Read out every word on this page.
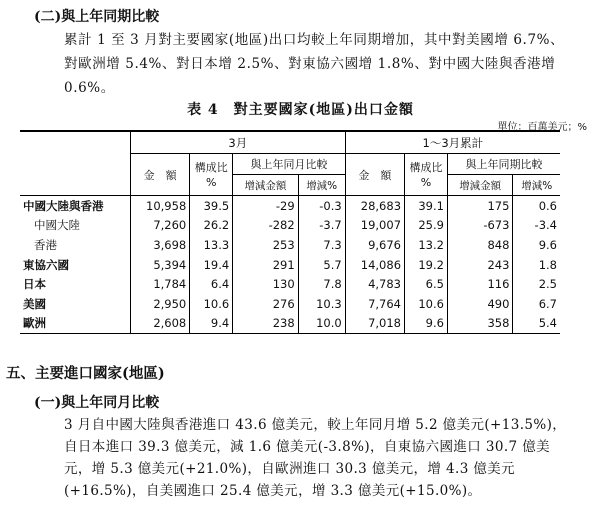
(二)與上年同期比較
累計 1 至 3 月對主要國家(地區)出口均較上年同期增加，其中對美國增 6.7%、對歐洲增 5.4%、對日本增 2.5%、對東協六國增 1.8%、對中國大陸與香港增 0.6%。
表 4　對主要國家(地區)出口金額
單位：百萬美元；%
	3月				1～3月累計			
	金　額	構成比 %	與上年同月比較		金　額	構成比 %	與上年同期比較	
			增減金額	增減%			增減金額	增減%
中國大陸與香港	10,958	39.5	-29	-0.3	28,683	39.1	175	0.6
中國大陸	7,260	26.2	-282	-3.7	19,007	25.9	-673	-3.4
香港	3,698	13.3	253	7.3	9,676	13.2	848	9.6
東協六國	5,394	19.4	291	5.7	14,086	19.2	243	1.8
日本	1,784	6.4	130	7.8	4,783	6.5	116	2.5
美國	2,950	10.6	276	10.3	7,764	10.6	490	6.7
歐洲	2,608	9.4	238	10.0	7,018	9.6	358	5.4
五、主要進口國家(地區)
(一)與上年同月比較
3 月自中國大陸與香港進口 43.6 億美元，較上年同月增 5.2 億美元(+13.5%)，自日本進口 39.3 億美元，減 1.6 億美元(-3.8%)，自東協六國進口 30.7 億美元，增 5.3 億美元(+21.0%)，自歐洲進口 30.3 億美元，增 4.3 億美元(+16.5%)，自美國進口 25.4 億美元，增 3.3 億美元(+15.0%)。
